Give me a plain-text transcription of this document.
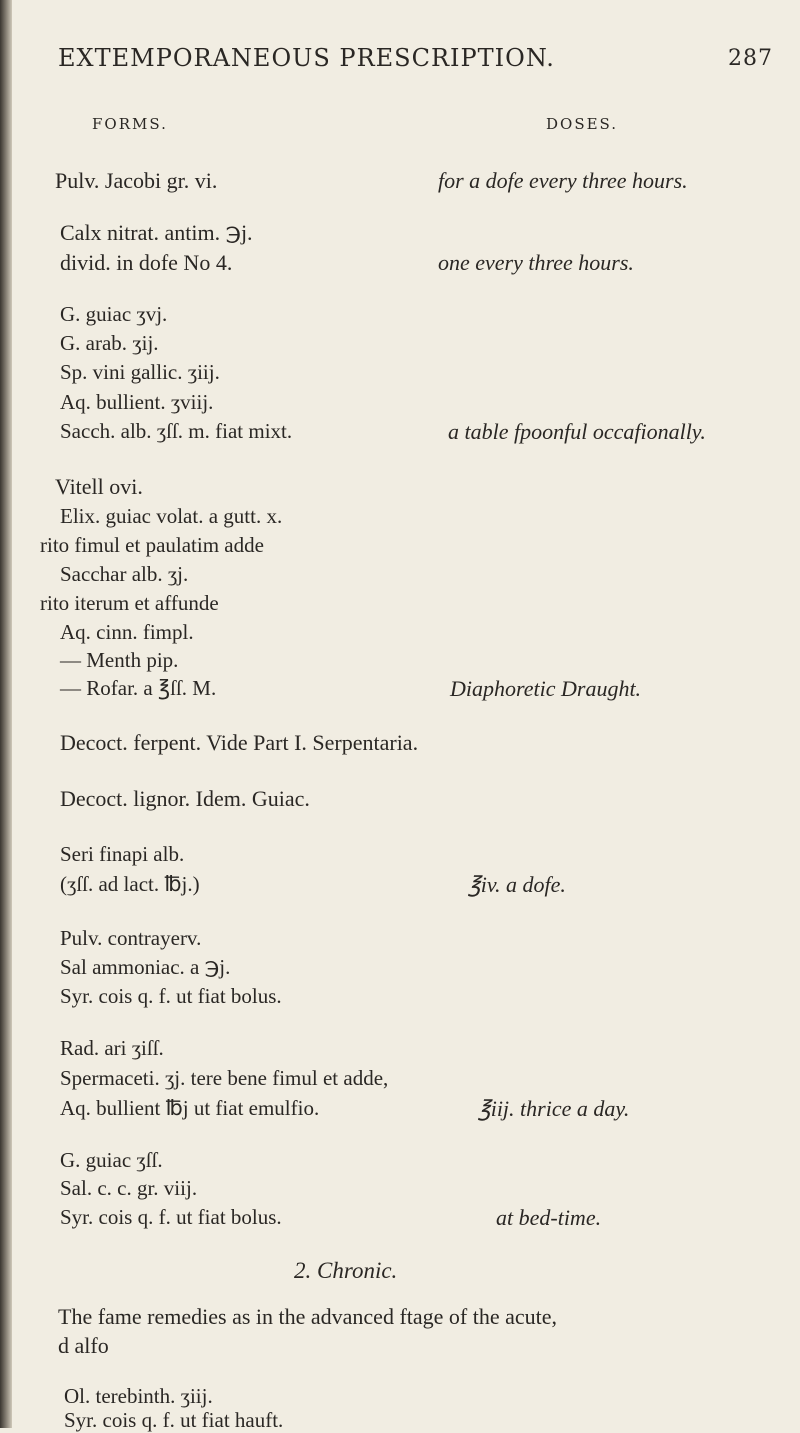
EXTEMPORANEOUS PRESCRIPTION.	287
FORMS.	DOSES.
Pulv. Jacobi gr. vi.	for a dofe every three hours.
Calx nitrat. antim. ℈j.
divid. in dofe No 4.	one every three hours.
G. guiac ʒvj.
G. arab. ʒij.
Sp. vini gallic. ʒiij.
Aq. bullient. ʒviij.
Sacch. alb. ʒſſ. m. fiat mixt.	a table fpoonful occafionally.
Vitell ovi.
Elix. guiac volat. a gutt. x.
rito fimul et paulatim adde
Sacchar alb. ʒj.
rito iterum et affunde
Aq. cinn. fimpl.
— Menth pip.
— Rofar. a ℥ſſ. M.	Diaphoretic Draught.
Decoct. ferpent. Vide Part I. Serpentaria.
Decoct. lignor. Idem. Guiac.
Seri finapi alb.
(ʒſſ. ad lact. ℔j.)	℥iv. a dofe.
Pulv. contrayerv.
Sal ammoniac. a ℈j.
Syr. cois q. f. ut fiat bolus.
Rad. ari ʒiſſ.
Spermaceti. ʒj. tere bene fimul et adde,
Aq. bullient ℔j ut fiat emulfio.	℥iij. thrice a day.
G. guiac ʒſſ.
Sal. c. c. gr. viij.
Syr. cois q. f. ut fiat bolus.	at bed-time.
2. Chronic.
The fame remedies as in the advanced ftage of the acute,
d alfo
Ol. terebinth. ʒiij.
Syr. cois q. f. ut fiat hauft.
